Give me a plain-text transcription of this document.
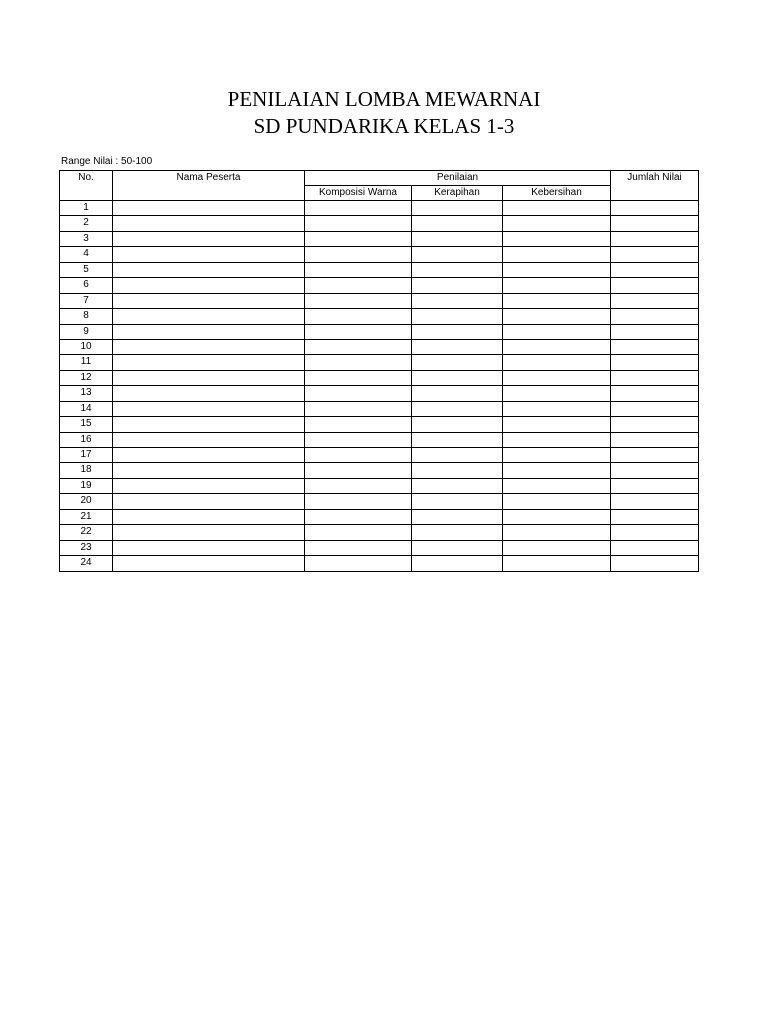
PENILAIAN LOMBA MEWARNAI
SD PUNDARIKA KELAS 1-3
Range Nilai : 50-100
No.	Nama Peserta	Penilaian			Jumlah Nilai
		Komposisi Warna	Kerapihan	Kebersihan	
1					
2					
3					
4					
5					
6					
7					
8					
9					
10					
11					
12					
13					
14					
15					
16					
17					
18					
19					
20					
21					
22					
23					
24					
